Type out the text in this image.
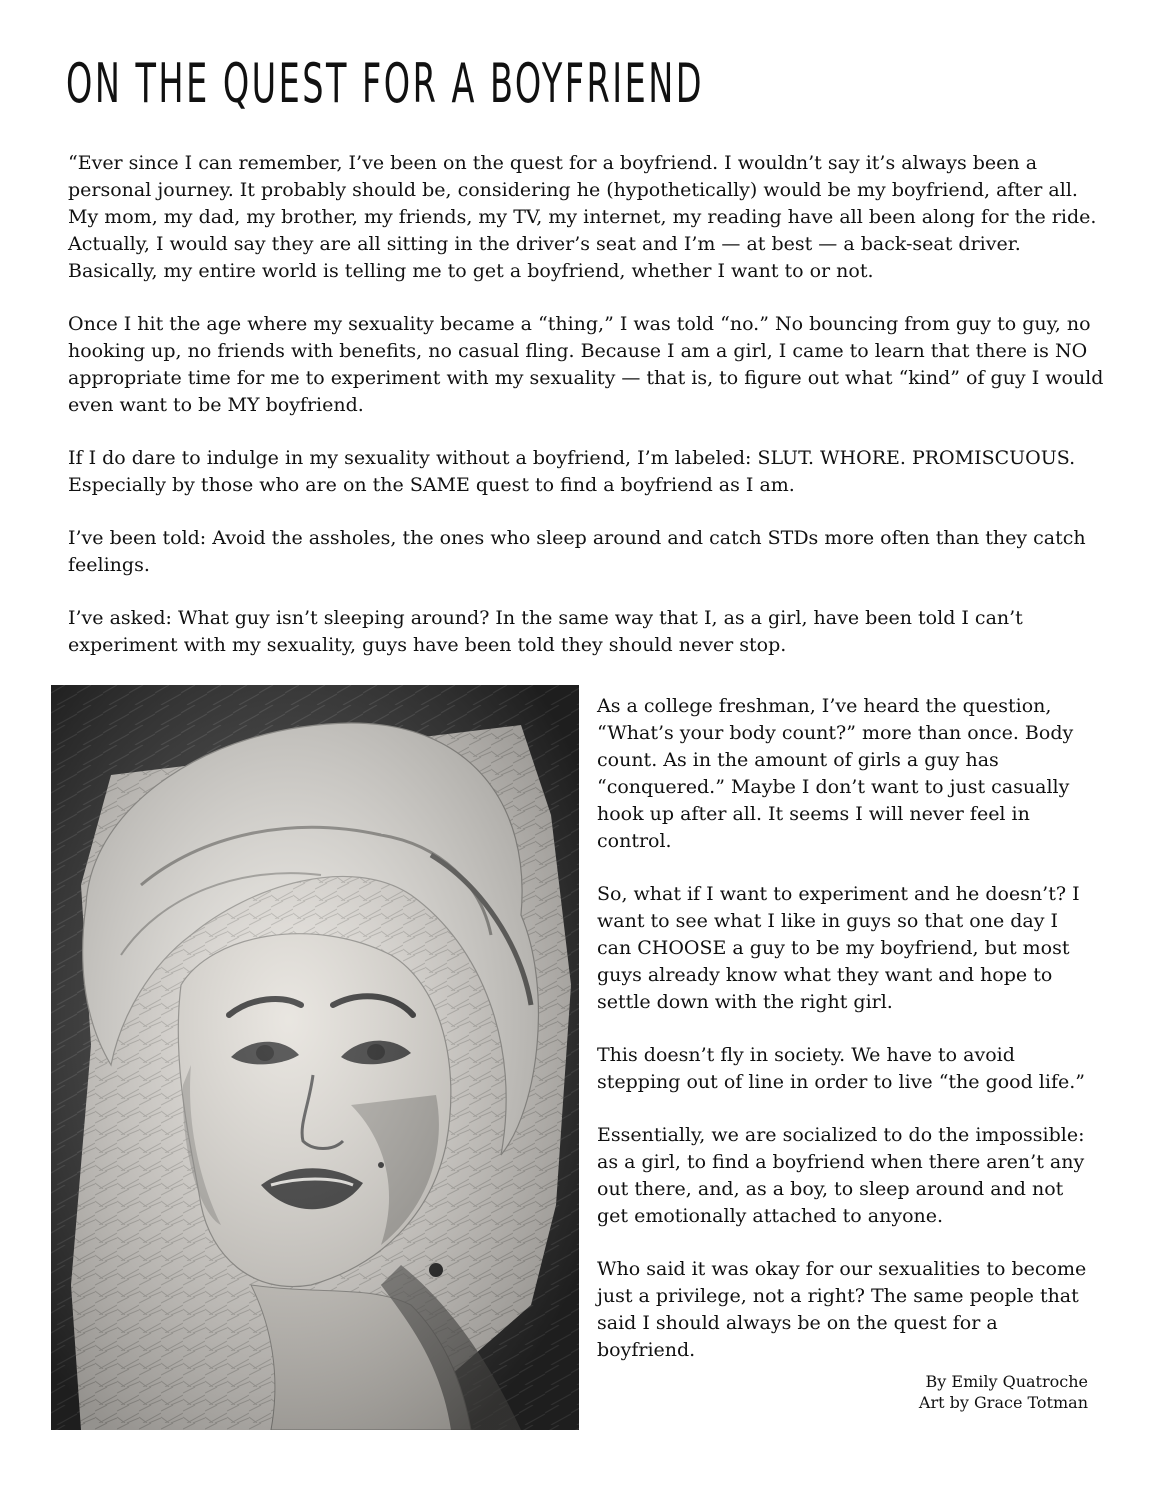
ON THE QUEST FOR A BOYFRIEND

“Ever since I can remember, I’ve been on the quest for a boyfriend. I wouldn’t say it’s always been a personal journey. It probably should be, considering he (hypothetically) would be my boyfriend, after all. My mom, my dad, my brother, my friends, my TV, my internet, my reading have all been along for the ride. Actually, I would say they are all sitting in the driver’s seat and I’m — at best — a back-seat driver. Basically, my entire world is telling me to get a boyfriend, whether I want to or not.

Once I hit the age where my sexuality became a “thing,” I was told “no.” No bouncing from guy to guy, no hooking up, no friends with benefits, no casual fling. Because I am a girl, I came to learn that there is NO appropriate time for me to experiment with my sexuality — that is, to figure out what “kind” of guy I would even want to be MY boyfriend.

If I do dare to indulge in my sexuality without a boyfriend, I’m labeled: SLUT. WHORE. PROMISCUOUS. Especially by those who are on the SAME quest to find a boyfriend as I am.

I’ve been told: Avoid the assholes, the ones who sleep around and catch STDs more often than they catch feelings.

I’ve asked: What guy isn’t sleeping around? In the same way that I, as a girl, have been told I can’t experiment with my sexuality, guys have been told they should never stop.

As a college freshman, I’ve heard the question, “What’s your body count?” more than once. Body count. As in the amount of girls a guy has “conquered.” Maybe I don’t want to just casually hook up after all. It seems I will never feel in control.

So, what if I want to experiment and he doesn’t? I want to see what I like in guys so that one day I can CHOOSE a guy to be my boyfriend, but most guys already know what they want and hope to settle down with the right girl.

This doesn’t fly in society. We have to avoid stepping out of line in order to live “the good life.”

Essentially, we are socialized to do the impossible: as a girl, to find a boyfriend when there aren’t any out there, and, as a boy, to sleep around and not get emotionally attached to anyone.

Who said it was okay for our sexualities to become just a privilege, not a right? The same people that said I should always be on the quest for a boyfriend.

By Emily Quatroche
Art by Grace Totman
